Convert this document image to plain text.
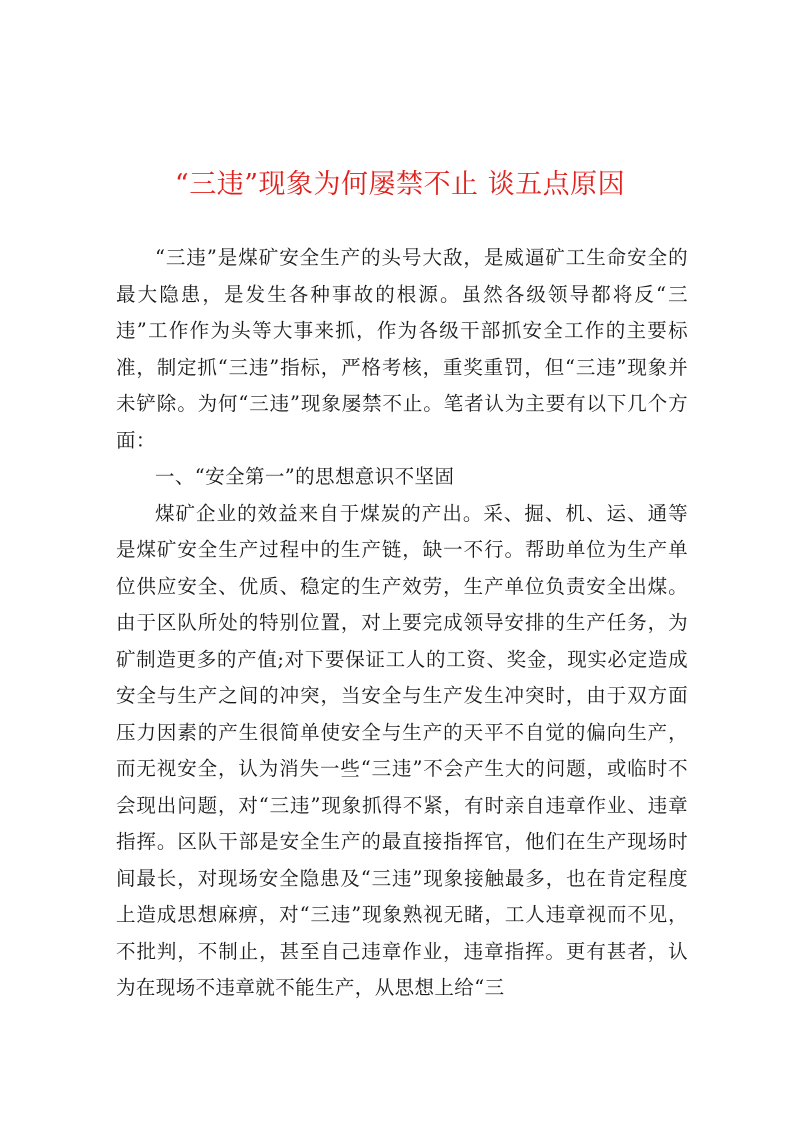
“三违”现象为何屡禁不止 谈五点原因

“三违”是煤矿安全生产的头号大敌，是威逼矿工生命安全的最大隐患，是发生各种事故的根源。虽然各级领导都将反“三违”工作作为头等大事来抓，作为各级干部抓安全工作的主要标准，制定抓“三违”指标，严格考核，重奖重罚，但“三违”现象并未铲除。为何“三违”现象屡禁不止。笔者认为主要有以下几个方面：

一、“安全第一”的思想意识不坚固

煤矿企业的效益来自于煤炭的产出。采、掘、机、运、通等是煤矿安全生产过程中的生产链，缺一不行。帮助单位为生产单位供应安全、优质、稳定的生产效劳，生产单位负责安全出煤。由于区队所处的特别位置，对上要完成领导安排的生产任务，为矿制造更多的产值;对下要保证工人的工资、奖金，现实必定造成安全与生产之间的冲突，当安全与生产发生冲突时，由于双方面压力因素的产生很简单使安全与生产的天平不自觉的偏向生产，而无视安全，认为消失一些“三违”不会产生大的问题，或临时不会现出问题，对“三违”现象抓得不紧，有时亲自违章作业、违章指挥。区队干部是安全生产的最直接指挥官，他们在生产现场时间最长，对现场安全隐患及“三违”现象接触最多，也在肯定程度上造成思想麻痹，对“三违”现象熟视无睹，工人违章视而不见，不批判，不制止，甚至自己违章作业，违章指挥。更有甚者，认为在现场不违章就不能生产，从思想上给“三
